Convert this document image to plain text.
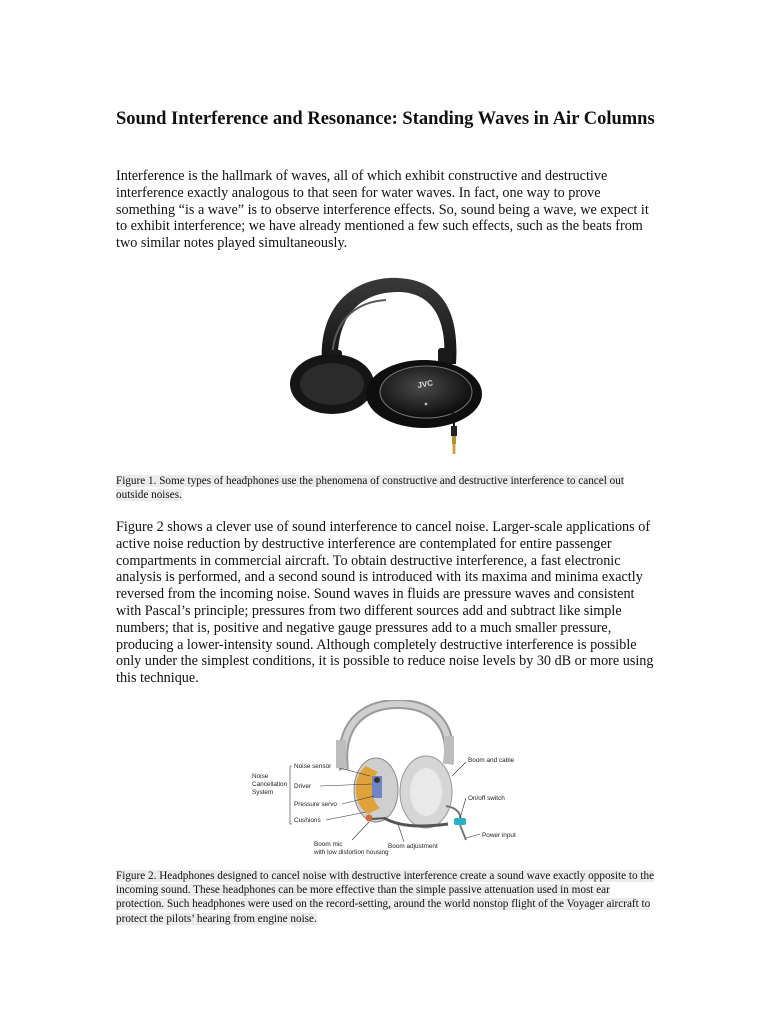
Sound Interference and Resonance: Standing Waves in Air Columns

Interference is the hallmark of waves, all of which exhibit constructive and destructive interference exactly analogous to that seen for water waves. In fact, one way to prove something “is a wave” is to observe interference effects. So, sound being a wave, we expect it to exhibit interference; we have already mentioned a few such effects, such as the beats from two similar notes played simultaneously.

Figure 1. Some types of headphones use the phenomena of constructive and destructive interference to cancel out outside noises.

Figure 2 shows a clever use of sound interference to cancel noise. Larger-scale applications of active noise reduction by destructive interference are contemplated for entire passenger compartments in commercial aircraft. To obtain destructive interference, a fast electronic analysis is performed, and a second sound is introduced with its maxima and minima exactly reversed from the incoming noise. Sound waves in fluids are pressure waves and consistent with Pascal’s principle; pressures from two different sources add and subtract like simple numbers; that is, positive and negative gauge pressures add to a much smaller pressure, producing a lower-intensity sound. Although completely destructive interference is possible only under the simplest conditions, it is possible to reduce noise levels by 30 dB or more using this technique.

Figure 2. Headphones designed to cancel noise with destructive interference create a sound wave exactly opposite to the incoming sound. These headphones can be more effective than the simple passive attenuation used in most ear protection. Such headphones were used on the record-setting, around the world nonstop flight of the Voyager aircraft to protect the pilots’ hearing from engine noise.

JVC
Noise
Cancellation
System
Noise sensor
Driver
Pressure servo
Cushions
Boom mic
with low distortion housing
Boom adjustment
Boom and cable
On/off switch
Power input
